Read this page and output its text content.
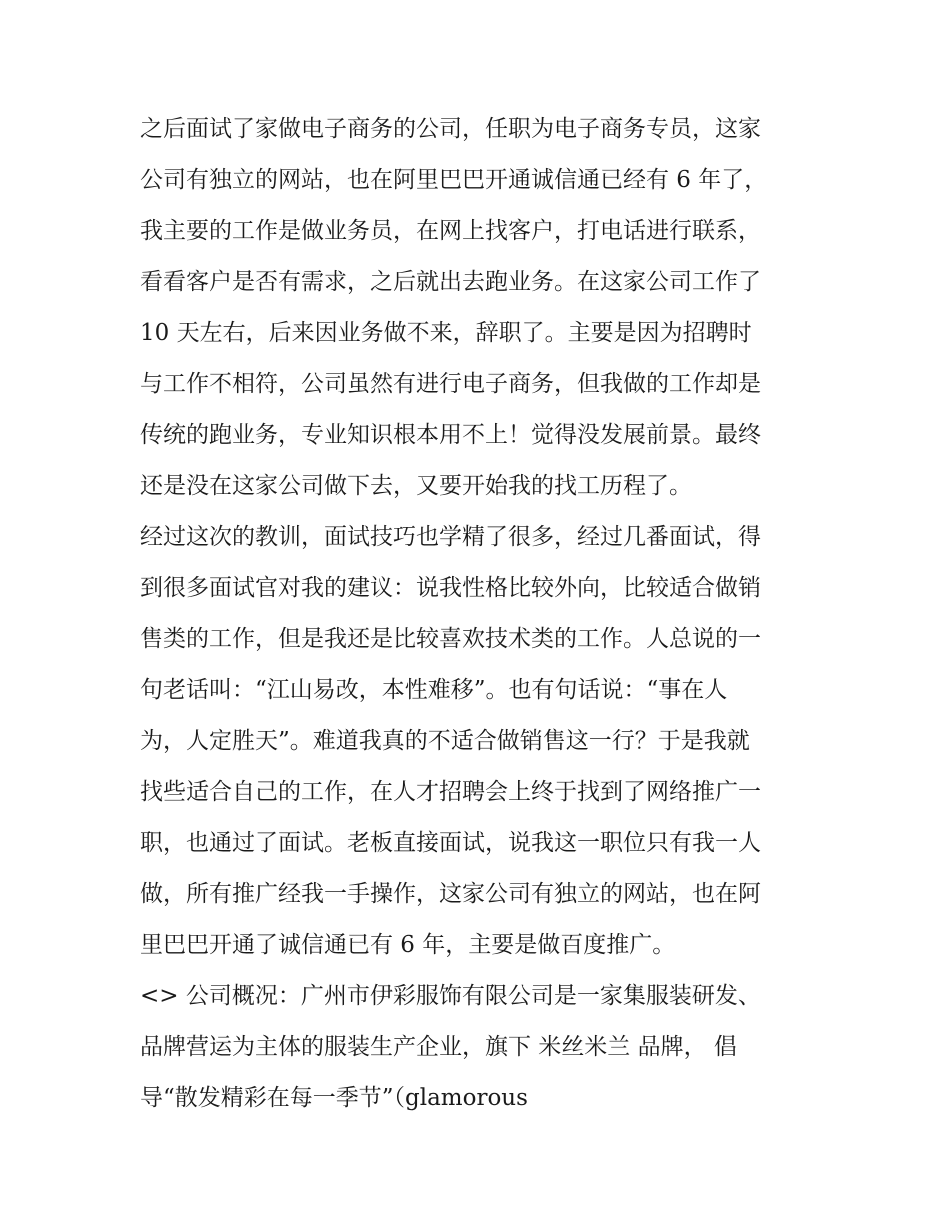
之后面试了家做电子商务的公司，任职为电子商务专员，这家
公司有独立的网站，也在阿里巴巴开通诚信通已经有 6 年了，
我主要的工作是做业务员，在网上找客户，打电话进行联系，
看看客户是否有需求，之后就出去跑业务。在这家公司工作了
10 天左右，后来因业务做不来，辞职了。主要是因为招聘时
与工作不相符，公司虽然有进行电子商务，但我做的工作却是
传统的跑业务，专业知识根本用不上！觉得没发展前景。最终
还是没在这家公司做下去，又要开始我的找工历程了。
经过这次的教训，面试技巧也学精了很多，经过几番面试，得
到很多面试官对我的建议：说我性格比较外向，比较适合做销
售类的工作，但是我还是比较喜欢技术类的工作。人总说的一
句老话叫：“江山易改，本性难移”。也有句话说：“事在人
为，人定胜天”。难道我真的不适合做销售这一行？于是我就
找些适合自己的工作，在人才招聘会上终于找到了网络推广一
职，也通过了面试。老板直接面试，说我这一职位只有我一人
做，所有推广经我一手操作，这家公司有独立的网站，也在阿
里巴巴开通了诚信通已有 6 年，主要是做百度推广。
<> 公司概况：广州市伊彩服饰有限公司是一家集服装研发、
品牌营运为主体的服装生产企业，旗下 米丝米兰 品牌， 倡
导“散发精彩在每一季节”（glamorous
